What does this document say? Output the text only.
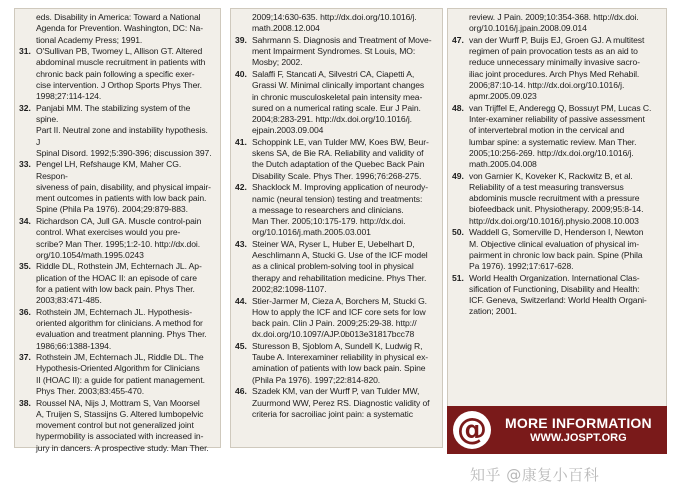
eds. Disability in America: Toward a National
Agenda for Prevention. Washington, DC: Na-
tional Academy Press; 1991.
31. O'Sullivan PB, Twomey L, Allison GT. Altered
abdominal muscle recruitment in patients with
chronic back pain following a specific exer-
cise intervention. J Orthop Sports Phys Ther.
1998;27:114-124.
32. Panjabi MM. The stabilizing system of the spine.
Part II. Neutral zone and instability hypothesis. J
Spinal Disord. 1992;5:390-396; discussion 397.
33. Pengel LH, Refshauge KM, Maher CG. Respon-
siveness of pain, disability, and physical impair-
ment outcomes in patients with low back pain.
Spine (Phila Pa 1976). 2004;29:879-883.
34. Richardson CA, Jull GA. Muscle control-pain
control. What exercises would you pre-
scribe? Man Ther. 1995;1:2-10. http://dx.doi.
org/10.1054/math.1995.0243
35. Riddle DL, Rothstein JM, Echternach JL. Ap-
plication of the HOAC II: an episode of care
for a patient with low back pain. Phys Ther.
2003;83:471-485.
36. Rothstein JM, Echternach JL. Hypothesis-
oriented algorithm for clinicians. A method for
evaluation and treatment planning. Phys Ther.
1986;66:1388-1394.
37. Rothstein JM, Echternach JL, Riddle DL. The
Hypothesis-Oriented Algorithm for Clinicians
II (HOAC II): a guide for patient management.
Phys Ther. 2003;83:455-470.
38. Roussel NA, Nijs J, Mottram S, Van Moorsel
A, Truijen S, Stassijns G. Altered lumbopelvic
movement control but not generalized joint
hypermobility is associated with increased in-
jury in dancers. A prospective study. Man Ther.
2009;14:630-635. http://dx.doi.org/10.1016/j.
math.2008.12.004
39. Sahrmann S. Diagnosis and Treatment of Move-
ment Impairment Syndromes. St Louis, MO:
Mosby; 2002.
40. Salaffi F, Stancati A, Silvestri CA, Ciapetti A,
Grassi W. Minimal clinically important changes
in chronic musculoskeletal pain intensity mea-
sured on a numerical rating scale. Eur J Pain.
2004;8:283-291. http://dx.doi.org/10.1016/j.
ejpain.2003.09.004
41. Schoppink LE, van Tulder MW, Koes BW, Beur-
skens SA, de Bie RA. Reliability and validity of
the Dutch adaptation of the Quebec Back Pain
Disability Scale. Phys Ther. 1996;76:268-275.
42. Shacklock M. Improving application of neurody-
namic (neural tension) testing and treatments:
a message to researchers and clinicians.
Man Ther. 2005;10:175-179. http://dx.doi.
org/10.1016/j.math.2005.03.001
43. Steiner WA, Ryser L, Huber E, Uebelhart D,
Aeschlimann A, Stucki G. Use of the ICF model
as a clinical problem-solving tool in physical
therapy and rehabilitation medicine. Phys Ther.
2002;82:1098-1107.
44. Stier-Jarmer M, Cieza A, Borchers M, Stucki G.
How to apply the ICF and ICF core sets for low
back pain. Clin J Pain. 2009;25:29-38. http://
dx.doi.org/10.1097/AJP.0b013e31817bcc78
45. Sturesson B, Sjoblom A, Sundell K, Ludwig R,
Taube A. Interexaminer reliability in physical ex-
amination of patients with low back pain. Spine
(Phila Pa 1976). 1997;22:814-820.
46. Szadek KM, van der Wurff P, van Tulder MW,
Zuurmond WW, Perez RS. Diagnostic validity of
criteria for sacroiliac joint pain: a systematic
review. J Pain. 2009;10:354-368. http://dx.doi.
org/10.1016/j.jpain.2008.09.014
47. van der Wurff P, Buijs EJ, Groen GJ. A multitest
regimen of pain provocation tests as an aid to
reduce unnecessary minimally invasive sacro-
iliac joint procedures. Arch Phys Med Rehabil.
2006;87:10-14. http://dx.doi.org/10.1016/j.
apmr.2005.09.023
48. van Trijffel E, Anderegg Q, Bossuyt PM, Lucas C.
Inter-examiner reliability of passive assessment
of intervertebral motion in the cervical and
lumbar spine: a systematic review. Man Ther.
2005;10:256-269. http://dx.doi.org/10.1016/j.
math.2005.04.008
49. von Garnier K, Koveker K, Rackwitz B, et al.
Reliability of a test measuring transversus
abdominis muscle recruitment with a pressure
biofeedback unit. Physiotherapy. 2009;95:8-14.
http://dx.doi.org/10.1016/j.physio.2008.10.003
50. Waddell G, Somerville D, Henderson I, Newton
M. Objective clinical evaluation of physical im-
pairment in chronic low back pain. Spine (Phila
Pa 1976). 1992;17:617-628.
51. World Health Organization. International Clas-
sification of Functioning, Disability and Health:
ICF. Geneva, Switzerland: World Health Organi-
zation; 2001.
@ MORE INFORMATION
WWW.JOSPT.ORG
知乎 @康复小百科
